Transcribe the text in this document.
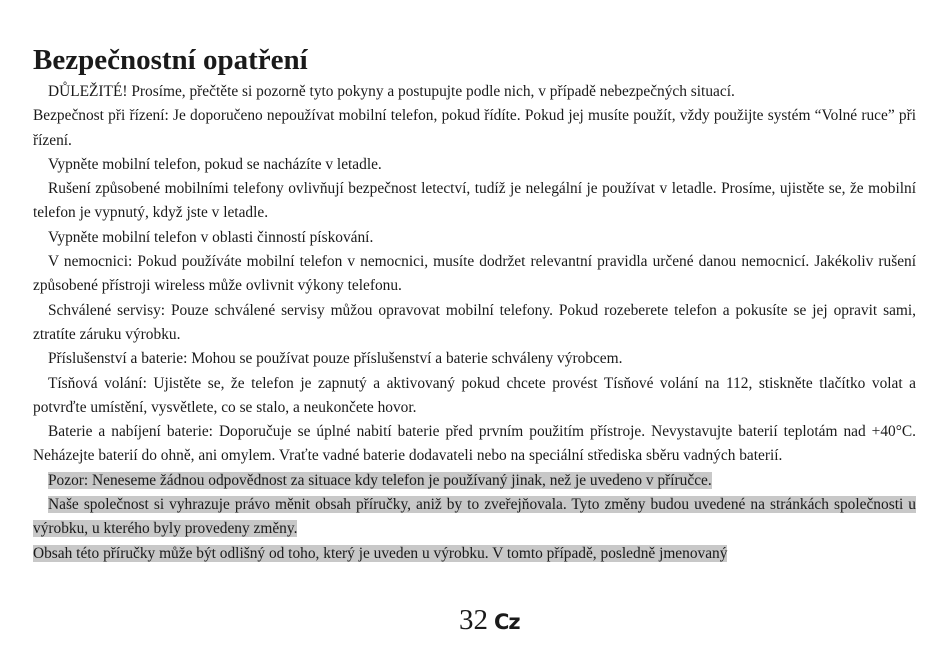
Bezpečnostní opatření

DŮLEŽITÉ! Prosíme, přečtěte si pozorně tyto pokyny a postupujte podle nich, v případě nebezpečných situací.

Bezpečnost při řízení: Je doporučeno nepoužívat mobilní telefon, pokud řídíte. Pokud jej musíte použít, vždy použijte systém “Volné ruce” při řízení.

Vypněte mobilní telefon, pokud se nacházíte v letadle.

Rušení způsobené mobilními telefony ovlivňují bezpečnost letectví, tudíž je nelegální je používat v letadle. Prosíme, ujistěte se, že mobilní telefon je vypnutý, když jste v letadle.

Vypněte mobilní telefon v oblasti činností pískování.

V nemocnici: Pokud používáte mobilní telefon v nemocnici, musíte dodržet relevantní pravidla určené danou nemocnicí. Jakékoliv rušení způsobené přístroji wireless může ovlivnit výkony telefonu.

Schválené servisy: Pouze schválené servisy můžou opravovat mobilní telefony. Pokud rozeberete telefon a pokusíte se jej opravit sami, ztratíte záruku výrobku.

Příslušenství a baterie: Mohou se používat pouze příslušenství a baterie schváleny výrobcem.

Tísňová volání: Ujistěte se, že telefon je zapnutý a aktivovaný pokud chcete provést Tísňové volání na 112, stiskněte tlačítko volat a potvrďte umístění, vysvětlete, co se stalo, a neukončete hovor.

Baterie a nabíjení baterie: Doporučuje se úplné nabití baterie před prvním použitím přístroje. Nevystavujte baterií teplotám nad +40°C. Neházejte baterií do ohně, ani omylem. Vraťte vadné baterie dodavateli nebo na speciální střediska sběru vadných baterií.

Pozor: Neneseme žádnou odpovědnost za situace kdy telefon je používaný jinak, než je uvedeno v příručce.

Naše společnost si vyhrazuje právo měnit obsah příručky, aniž by to zveřejňovala. Tyto změny budou uvedené na stránkách společnosti u výrobku, u kterého byly provedeny změny.

Obsah této příručky může být odlišný od toho, který je uveden u výrobku. V tomto případě, posledně jmenovaný

32 Cz
